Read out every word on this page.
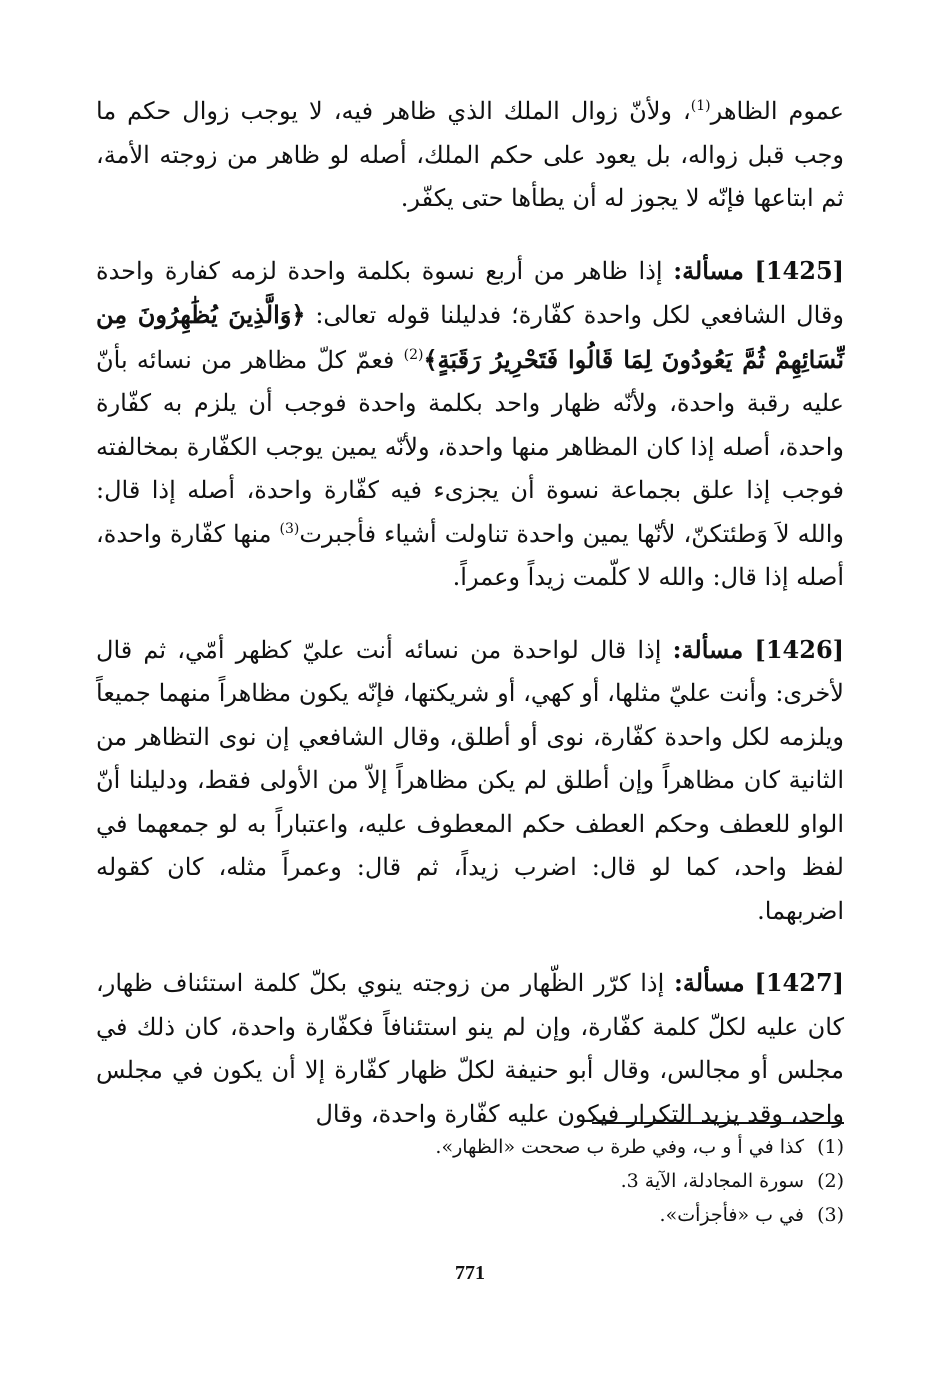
عموم الظاهر$^{(1)}$، ولأنّ زوال الملك الذي ظاهر فيه، لا يوجب زوال حكم ما وجب قبل زواله، بل يعود على حكم الملك، أصله لو ظاهر من زوجته الأمة، ثم ابتاعها فإنّه لا يجوز له أن يطأها حتى يكفّر.

[1425] مسألة: إذا ظاهر من أربع نسوة بكلمة واحدة لزمه كفارة واحدة وقال الشافعي لكل واحدة كفّارة؛ فدليلنا قوله تعالى: ﴿وَالَّذِينَ يُظَٰهِرُونَ مِن نِّسَائِهِمْ ثُمَّ يَعُودُونَ لِمَا قَالُوا فَتَحْرِيرُ رَقَبَةٍ﴾$^{(2)}$ فعمّ كلّ مظاهر من نسائه بأنّ عليه رقبة واحدة، ولأنّه ظهار واحد بكلمة واحدة فوجب أن يلزم به كفّارة واحدة، أصله إذا كان المظاهر منها واحدة، ولأنّه يمين يوجب الكفّارة بمخالفته فوجب إذا علق بجماعة نسوة أن يجزىء فيه كفّارة واحدة، أصله إذا قال: والله لاَ وَطئتكنّ، لأنّها يمين واحدة تناولت أشياء فأجبرت$^{(3)}$ منها كفّارة واحدة، أصله إذا قال: والله لا كلّمت زيداً وعمراً.

[1426] مسألة: إذا قال لواحدة من نسائه أنت عليّ كظهر أمّي، ثم قال لأخرى: وأنت عليّ مثلها، أو كهي، أو شريكتها، فإنّه يكون مظاهراً منهما جميعاً ويلزمه لكل واحدة كفّارة، نوى أو أطلق، وقال الشافعي إن نوى التظاهر من الثانية كان مظاهراً وإن أطلق لم يكن مظاهراً إلاّ من الأولى فقط، ودليلنا أنّ الواو للعطف وحكم العطف حكم المعطوف عليه، واعتباراً به لو جمعهما في لفظ واحد، كما لو قال: اضرب زيداً، ثم قال: وعمراً مثله، كان كقوله اضربهما.

[1427] مسألة: إذا كرّر الظّهار من زوجته ينوي بكلّ كلمة استئناف ظهار، كان عليه لكلّ كلمة كفّارة، وإن لم ينو استئنافاً فكفّارة واحدة، كان ذلك في مجلس أو مجالس، وقال أبو حنيفة لكلّ ظهار كفّارة إلا أن يكون في مجلس واحد، وقد يزيد التكرار فيكون عليه كفّارة واحدة، وقال

(1)كذا في أ و ب، وفي طرة ب صححت «الظهار».
(2)سورة المجادلة، الآية 3.
(3)في ب «فأجزأت».
771
